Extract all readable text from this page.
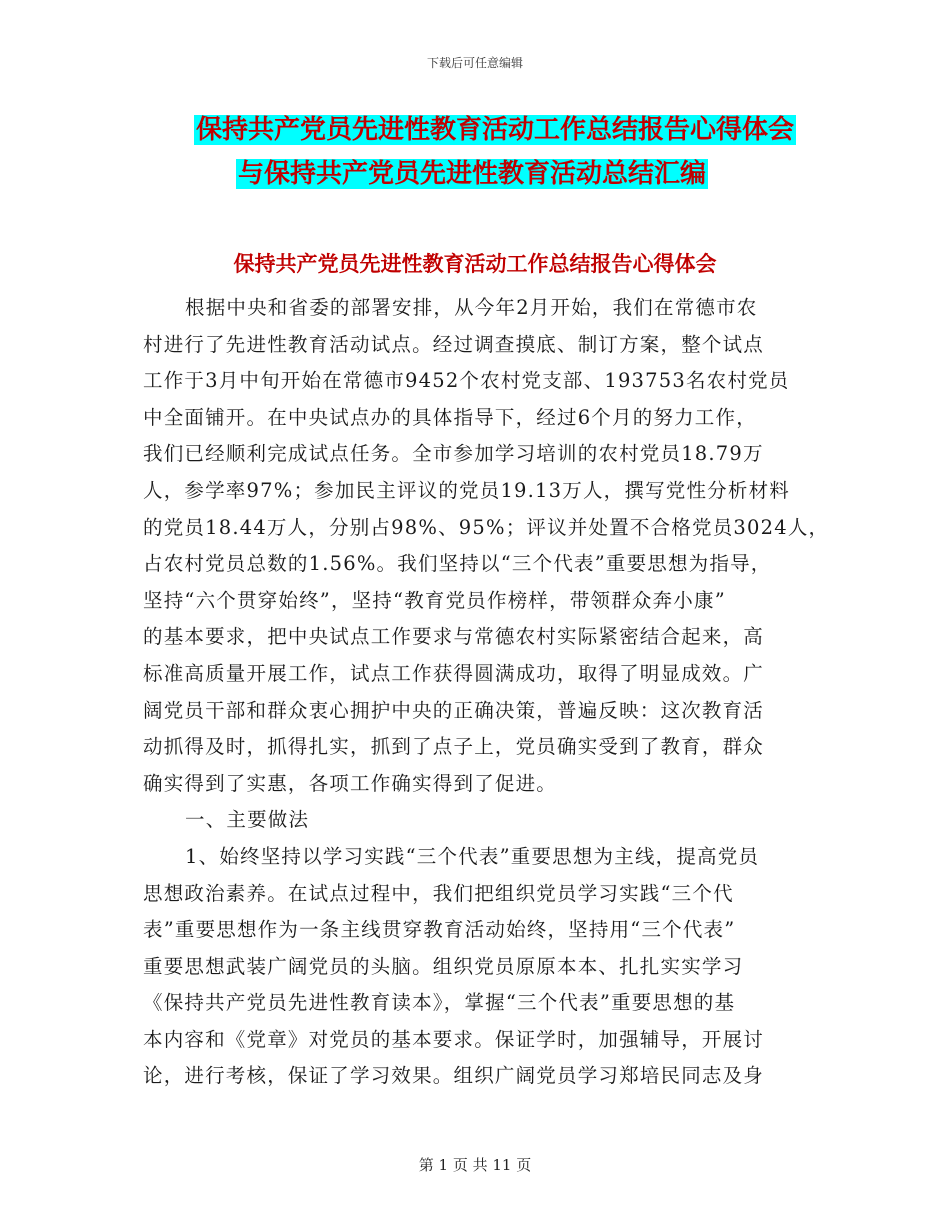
下载后可任意编辑
保持共产党员先进性教育活动工作总结报告心得体会
与保持共产党员先进性教育活动总结汇编
保持共产党员先进性教育活动工作总结报告心得体会
根据中央和省委的部署安排，从今年2月开始，我们在常德市农
村进行了先进性教育活动试点。经过调查摸底、制订方案，整个试点
工作于3月中旬开始在常德市9452个农村党支部、193753名农村党员
中全面铺开。在中央试点办的具体指导下，经过6个月的努力工作，
我们已经顺利完成试点任务。全市参加学习培训的农村党员18.79万
人，参学率97%；参加民主评议的党员19.13万人，撰写党性分析材料
的党员18.44万人，分别占98%、95%；评议并处置不合格党员3024人，
占农村党员总数的1.56%。我们坚持以“三个代表”重要思想为指导，
坚持“六个贯穿始终”，坚持“教育党员作榜样，带领群众奔小康”
的基本要求，把中央试点工作要求与常德农村实际紧密结合起来，高
标准高质量开展工作，试点工作获得圆满成功，取得了明显成效。广
阔党员干部和群众衷心拥护中央的正确决策，普遍反映：这次教育活
动抓得及时，抓得扎实，抓到了点子上，党员确实受到了教育，群众
确实得到了实惠，各项工作确实得到了促进。
一、主要做法
1、始终坚持以学习实践“三个代表”重要思想为主线，提高党员
思想政治素养。在试点过程中，我们把组织党员学习实践“三个代
表”重要思想作为一条主线贯穿教育活动始终，坚持用“三个代表”
重要思想武装广阔党员的头脑。组织党员原原本本、扎扎实实学习
《保持共产党员先进性教育读本》，掌握“三个代表”重要思想的基
本内容和《党章》对党员的基本要求。保证学时，加强辅导，开展讨
论，进行考核，保证了学习效果。组织广阔党员学习郑培民同志及身
第 1 页 共 11 页
